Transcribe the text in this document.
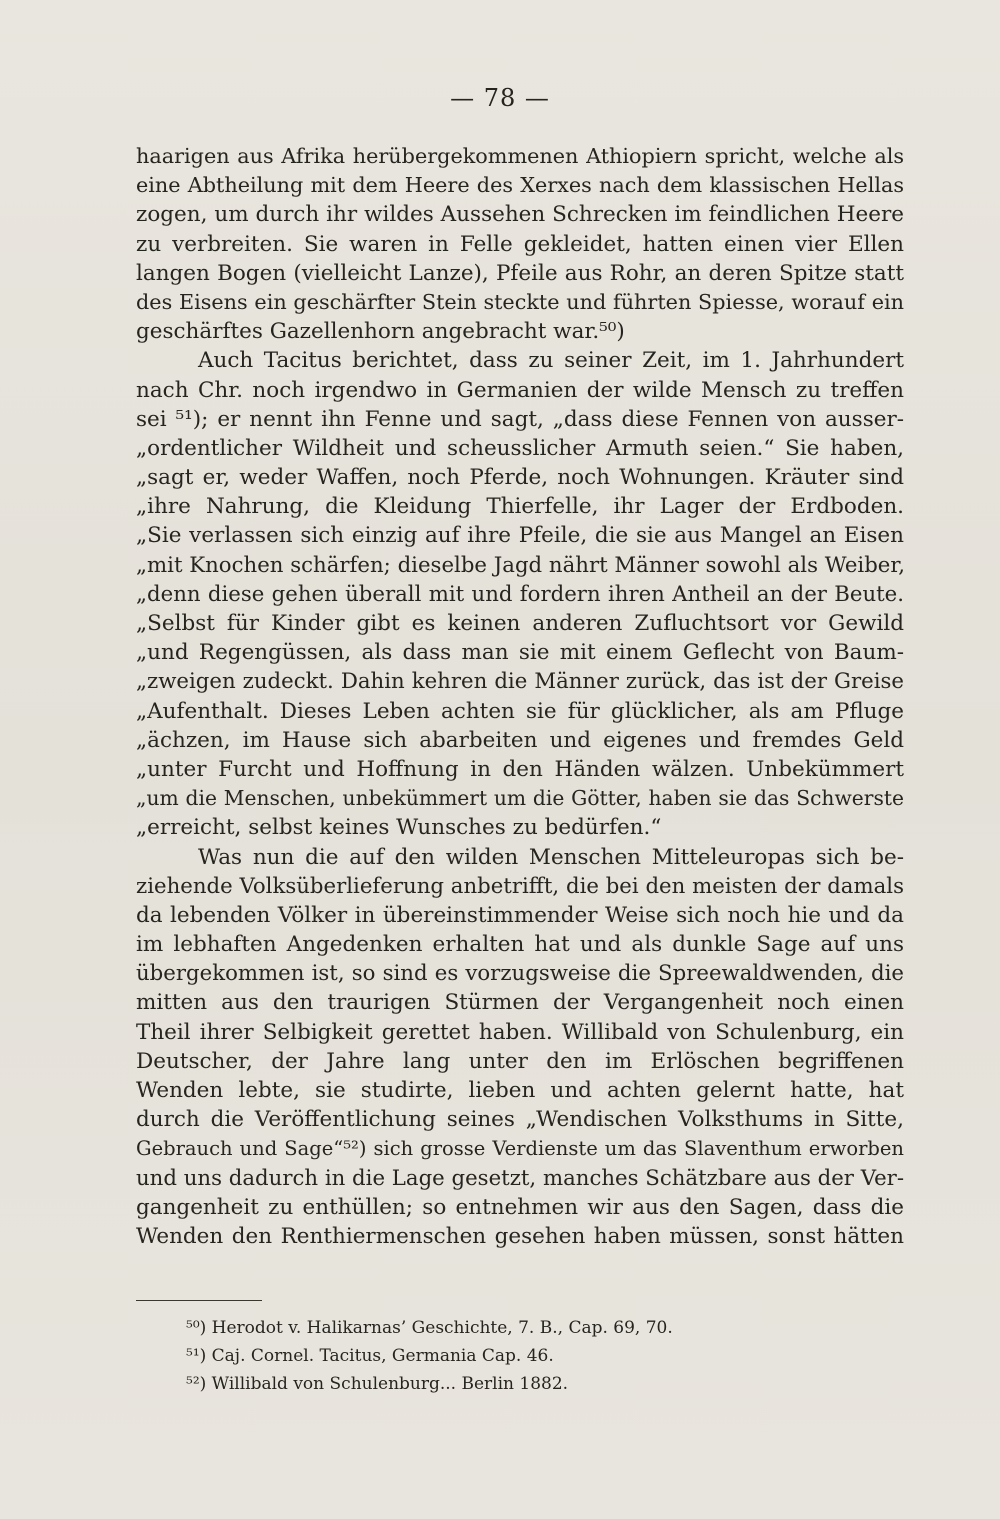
— 78 —
haarigen aus Afrika herübergekommenen Athiopiern spricht, welche als
eine Abtheilung mit dem Heere des Xerxes nach dem klassischen Hellas
zogen, um durch ihr wildes Aussehen Schrecken im feindlichen Heere
zu verbreiten. Sie waren in Felle gekleidet, hatten einen vier Ellen
langen Bogen (vielleicht Lanze), Pfeile aus Rohr, an deren Spitze statt
des Eisens ein geschärfter Stein steckte und führten Spiesse, worauf ein
geschärftes Gazellenhorn angebracht war.⁵⁰)
Auch Tacitus berichtet, dass zu seiner Zeit, im 1. Jahrhundert
nach Chr. noch irgendwo in Germanien der wilde Mensch zu treffen
sei ⁵¹); er nennt ihn Fenne und sagt, „dass diese Fennen von ausser-
„ordentlicher Wildheit und scheusslicher Armuth seien.“ Sie haben,
„sagt er, weder Waffen, noch Pferde, noch Wohnungen. Kräuter sind
„ihre Nahrung, die Kleidung Thierfelle, ihr Lager der Erdboden.
„Sie verlassen sich einzig auf ihre Pfeile, die sie aus Mangel an Eisen
„mit Knochen schärfen; dieselbe Jagd nährt Männer sowohl als Weiber,
„denn diese gehen überall mit und fordern ihren Antheil an der Beute.
„Selbst für Kinder gibt es keinen anderen Zufluchtsort vor Gewild
„und Regengüssen, als dass man sie mit einem Geflecht von Baum-
„zweigen zudeckt. Dahin kehren die Männer zurück, das ist der Greise
„Aufenthalt. Dieses Leben achten sie für glücklicher, als am Pfluge
„ächzen, im Hause sich abarbeiten und eigenes und fremdes Geld
„unter Furcht und Hoffnung in den Händen wälzen. Unbekümmert
„um die Menschen, unbekümmert um die Götter, haben sie das Schwerste
„erreicht, selbst keines Wunsches zu bedürfen.“
Was nun die auf den wilden Menschen Mitteleuropas sich be-
ziehende Volksüberlieferung anbetrifft, die bei den meisten der damals
da lebenden Völker in übereinstimmender Weise sich noch hie und da
im lebhaften Angedenken erhalten hat und als dunkle Sage auf uns
übergekommen ist, so sind es vorzugsweise die Spreewaldwenden, die
mitten aus den traurigen Stürmen der Vergangenheit noch einen
Theil ihrer Selbigkeit gerettet haben. Willibald von Schulenburg, ein
Deutscher, der Jahre lang unter den im Erlöschen begriffenen
Wenden lebte, sie studirte, lieben und achten gelernt hatte, hat
durch die Veröffentlichung seines „Wendischen Volksthums in Sitte,
Gebrauch und Sage“⁵²) sich grosse Verdienste um das Slaventhum erworben
und uns dadurch in die Lage gesetzt, manches Schätzbare aus der Ver-
gangenheit zu enthüllen; so entnehmen wir aus den Sagen, dass die
Wenden den Renthiermenschen gesehen haben müssen, sonst hätten
⁵⁰) Herodot v. Halikarnas’ Geschichte, 7. B., Cap. 69, 70.
⁵¹) Caj. Cornel. Tacitus, Germania Cap. 46.
⁵²) Willibald von Schulenburg... Berlin 1882.
